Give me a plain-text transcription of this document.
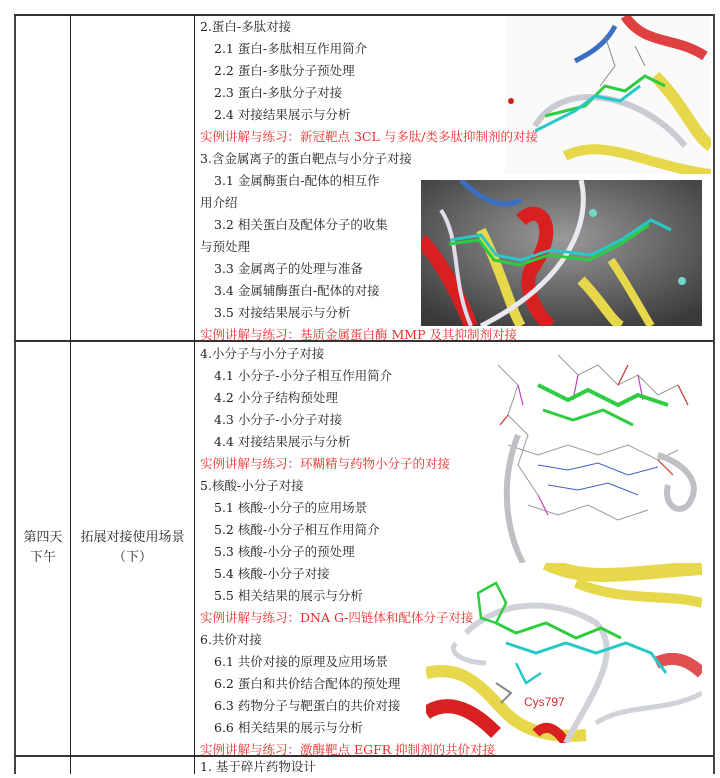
Cys797
第四天
下午
拓展对接使用场景
（下）
2.蛋白-多肽对接
2.1 蛋白-多肽相互作用简介
2.2 蛋白-多肽分子预处理
2.3 蛋白-多肽分子对接
2.4 对接结果展示与分析
实例讲解与练习：新冠靶点 3CL 与多肽/类多肽抑制剂的对接
3.含金属离子的蛋白靶点与小分子对接
3.1 金属酶蛋白-配体的相互作
用介绍
3.2 相关蛋白及配体分子的收集
与预处理
3.3 金属离子的处理与准备
3.4 金属辅酶蛋白-配体的对接
3.5 对接结果展示与分析
实例讲解与练习：基质金属蛋白酶 MMP 及其抑制剂对接
4.小分子与小分子对接
4.1 小分子-小分子相互作用简介
4.2 小分子结构预处理
4.3 小分子-小分子对接
4.4 对接结果展示与分析
实例讲解与练习：环糊精与药物小分子的对接
5.核酸-小分子对接
5.1 核酸-小分子的应用场景
5.2 核酸-小分子相互作用简介
5.3 核酸-小分子的预处理
5.4 核酸-小分子对接
5.5 相关结果的展示与分析
实例讲解与练习：DNA G-四链体和配体分子对接
6.共价对接
6.1 共价对接的原理及应用场景
6.2 蛋白和共价结合配体的预处理
6.3 药物分子与靶蛋白的共价对接
6.6 相关结果的展示与分析
实例讲解与练习：激酶靶点 EGFR 抑制剂的共价对接
1. 基于碎片药物设计
